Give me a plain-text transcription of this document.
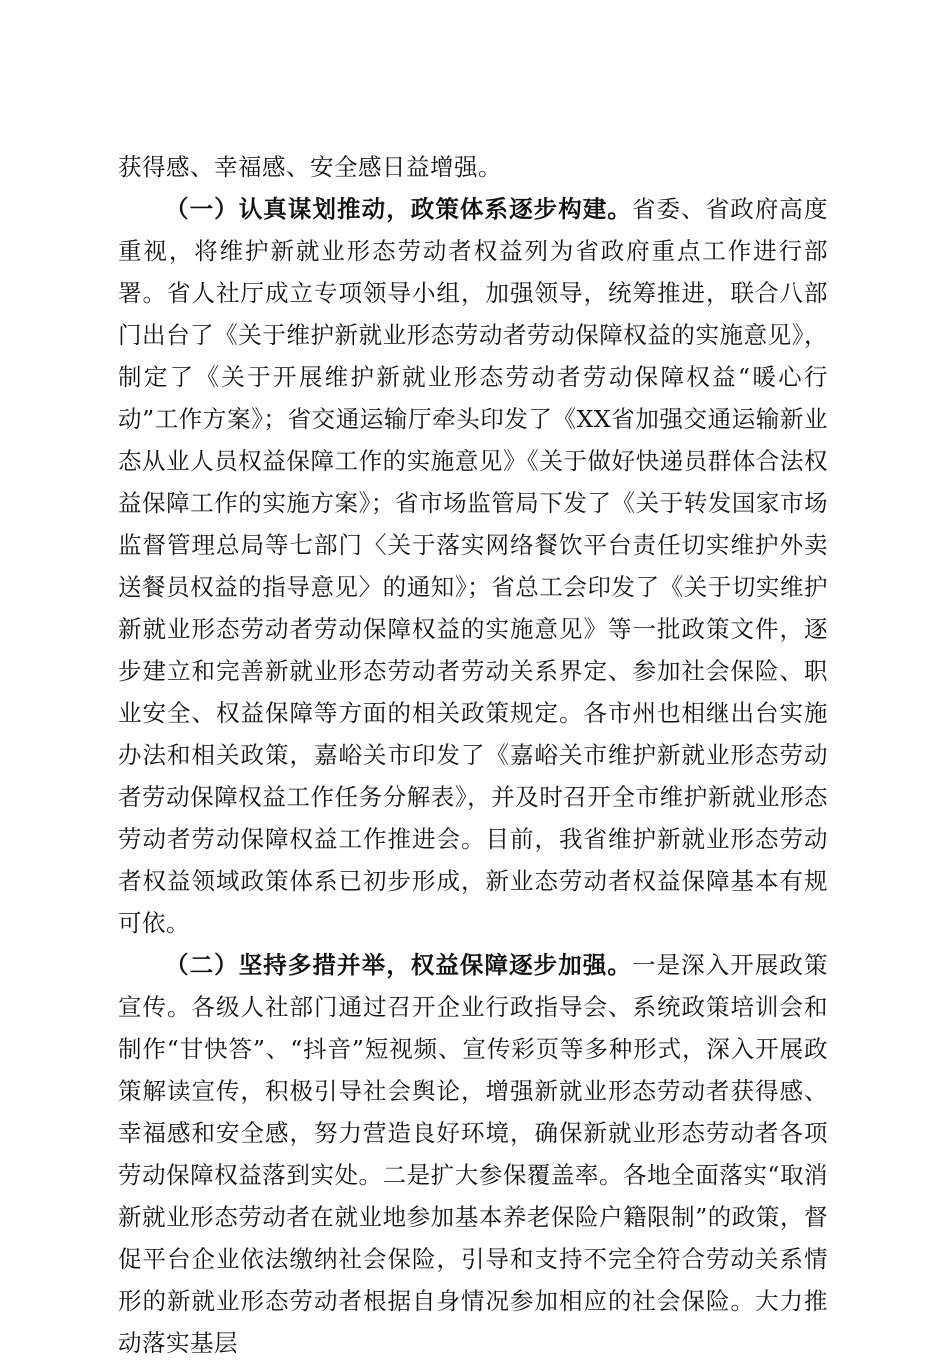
获得感、幸福感、安全感日益增强。

（一）认真谋划推动，政策体系逐步构建。省委、省政府高度重视，将维护新就业形态劳动者权益列为省政府重点工作进行部署。省人社厅成立专项领导小组，加强领导，统筹推进，联合八部门出台了《关于维护新就业形态劳动者劳动保障权益的实施意见》，制定了《关于开展维护新就业形态劳动者劳动保障权益“暖心行动”工作方案》；省交通运输厅牵头印发了《XX省加强交通运输新业态从业人员权益保障工作的实施意见》《关于做好快递员群体合法权益保障工作的实施方案》；省市场监管局下发了《关于转发国家市场监督管理总局等七部门〈关于落实网络餐饮平台责任切实维护外卖送餐员权益的指导意见〉的通知》；省总工会印发了《关于切实维护新就业形态劳动者劳动保障权益的实施意见》等一批政策文件，逐步建立和完善新就业形态劳动者劳动关系界定、参加社会保险、职业安全、权益保障等方面的相关政策规定。各市州也相继出台实施办法和相关政策，嘉峪关市印发了《嘉峪关市维护新就业形态劳动者劳动保障权益工作任务分解表》，并及时召开全市维护新就业形态劳动者劳动保障权益工作推进会。目前，我省维护新就业形态劳动者权益领域政策体系已初步形成，新业态劳动者权益保障基本有规可依。

（二）坚持多措并举，权益保障逐步加强。一是深入开展政策宣传。各级人社部门通过召开企业行政指导会、系统政策培训会和制作“甘快答”、“抖音”短视频、宣传彩页等多种形式，深入开展政策解读宣传，积极引导社会舆论，增强新就业形态劳动者获得感、幸福感和安全感，努力营造良好环境，确保新就业形态劳动者各项劳动保障权益落到实处。二是扩大参保覆盖率。各地全面落实“取消新就业形态劳动者在就业地参加基本养老保险户籍限制”的政策，督促平台企业依法缴纳社会保险，引导和支持不完全符合劳动关系情形的新就业形态劳动者根据自身情况参加相应的社会保险。大力推动落实基层
